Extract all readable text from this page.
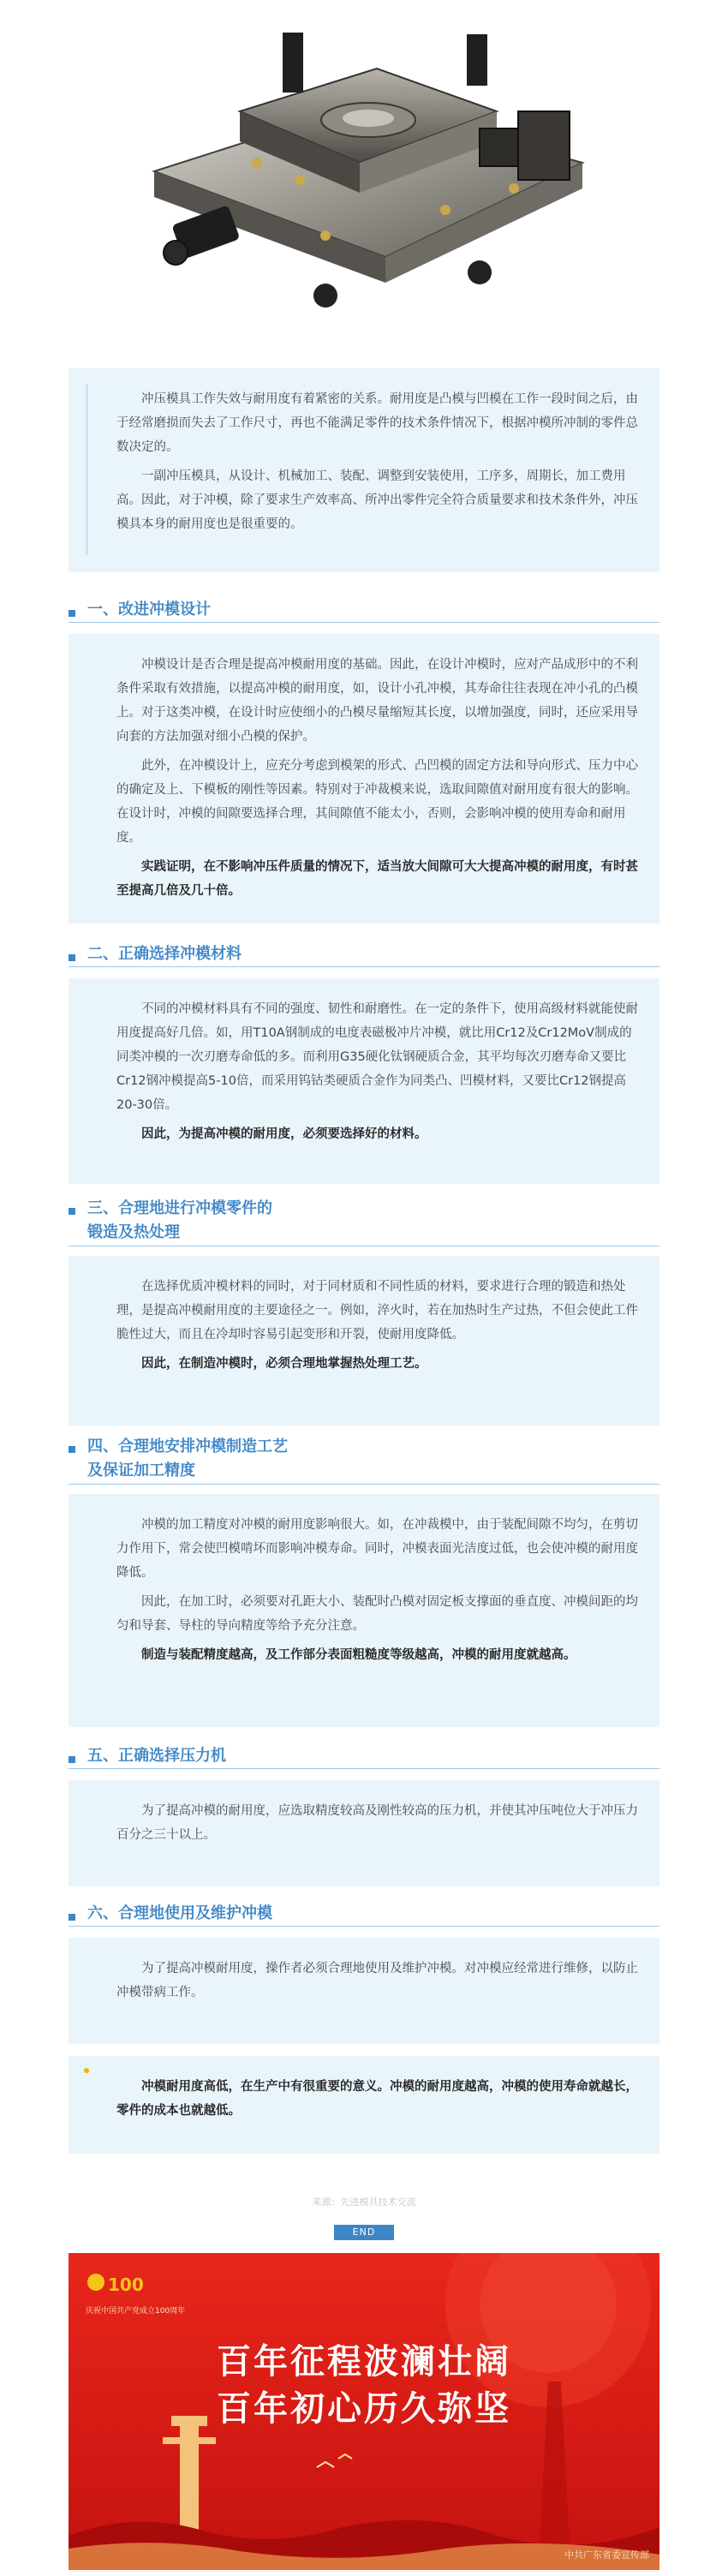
冲压模具工作失效与耐用度有着紧密的关系。耐用度是凸模与凹模在工作一段时间之后，由于经常磨损而失去了工作尺寸，再也不能满足零件的技术条件情况下，根据冲模所冲制的零件总数决定的。

一副冲压模具，从设计、机械加工、装配、调整到安装使用，工序多，周期长，加工费用高。因此，对于冲模，除了要求生产效率高、所冲出零件完全符合质量要求和技术条件外，冲压模具本身的耐用度也是很重要的。

一、改进冲模设计

冲模设计是否合理是提高冲模耐用度的基础。因此，在设计冲模时，应对产品成形中的不利条件采取有效措施，以提高冲模的耐用度，如，设计小孔冲模，其寿命往往表现在冲小孔的凸模上。对于这类冲模，在设计时应使细小的凸模尽量缩短其长度，以增加强度，同时，还应采用导向套的方法加强对细小凸模的保护。

此外，在冲模设计上，应充分考虑到模架的形式、凸凹模的固定方法和导向形式、压力中心的确定及上、下模板的刚性等因素。特别对于冲裁模来说，选取间隙值对耐用度有很大的影响。在设计时，冲模的间隙要选择合理，其间隙值不能太小，否则，会影响冲模的使用寿命和耐用度。

实践证明，在不影响冲压件质量的情况下，适当放大间隙可大大提高冲模的耐用度，有时甚至提高几倍及几十倍。

二、正确选择冲模材料

不同的冲模材料具有不同的强度、韧性和耐磨性。在一定的条件下，使用高级材料就能使耐用度提高好几倍。如，用T10A钢制成的电度表磁极冲片冲模，就比用Cr12及Cr12MoV制成的同类冲模的一次刃磨寿命低的多。而利用G35硬化钛钢硬质合金，其平均每次刃磨寿命又要比Cr12钢冲模提高5-10倍，而采用钨钴类硬质合金作为同类凸、凹模材料，又要比Cr12钢提高20-30倍。

因此，为提高冲模的耐用度，必须要选择好的材料。

三、合理地进行冲模零件的
锻造及热处理

在选择优质冲模材料的同时，对于同材质和不同性质的材料，要求进行合理的锻造和热处理，是提高冲模耐用度的主要途径之一。例如，淬火时，若在加热时生产过热，不但会使此工件脆性过大，而且在冷却时容易引起变形和开裂，使耐用度降低。

因此，在制造冲模时，必须合理地掌握热处理工艺。

四、合理地安排冲模制造工艺
及保证加工精度

冲模的加工精度对冲模的耐用度影响很大。如，在冲裁模中，由于装配间隙不均匀，在剪切力作用下，常会使凹模啃坏而影响冲模寿命。同时，冲模表面光洁度过低，也会使冲模的耐用度降低。

因此，在加工时，必须要对孔距大小、装配时凸模对固定板支撑面的垂直度、冲模间距的均匀和导套、导柱的导向精度等给予充分注意。

制造与装配精度越高，及工作部分表面粗糙度等级越高，冲模的耐用度就越高。

五、正确选择压力机

为了提高冲模的耐用度，应选取精度较高及刚性较高的压力机，并使其冲压吨位大于冲压力百分之三十以上。

六、合理地使用及维护冲模

为了提高冲模耐用度，操作者必须合理地使用及维护冲模。对冲模应经常进行维修，以防止冲模带病工作。

冲模耐用度高低，在生产中有很重要的意义。冲模的耐用度越高，冲模的使用寿命就越长，零件的成本也就越低。

来源：先进模具技术交流
END
100
庆祝中国共产党成立100周年
百年征程波澜壮阔
百年初心历久弥坚
中共广东省委宣传部
